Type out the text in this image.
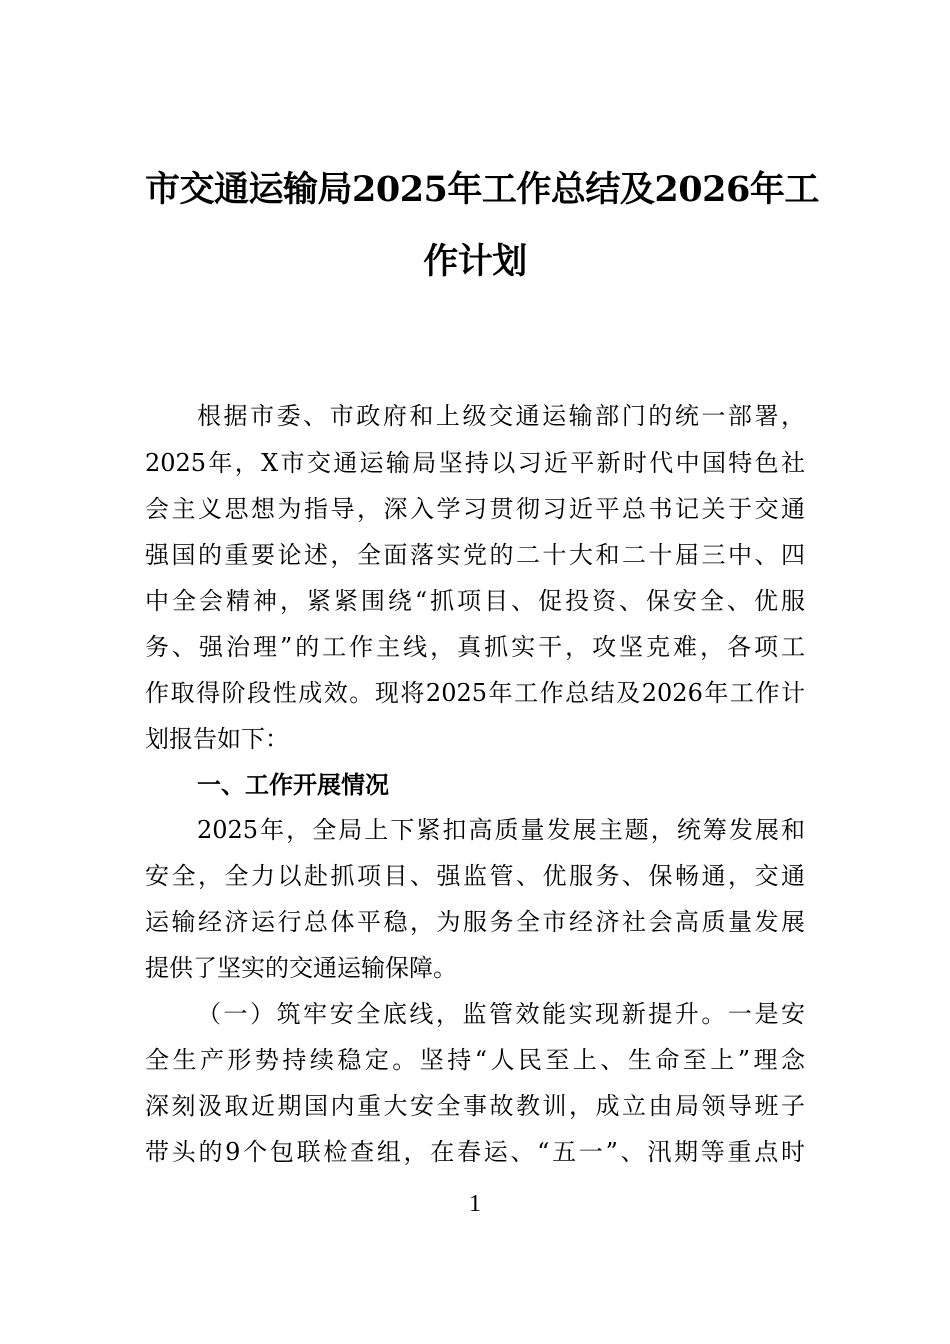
市交通运输局2025年工作总结及2026年工
作计划
根据市委、市政府和上级交通运输部门的统一部署，
2025年，X市交通运输局坚持以习近平新时代中国特色社
会主义思想为指导，深入学习贯彻习近平总书记关于交通
强国的重要论述，全面落实党的二十大和二十届三中、四
中全会精神，紧紧围绕“抓项目、促投资、保安全、优服
务、强治理”的工作主线，真抓实干，攻坚克难，各项工
作取得阶段性成效。现将2025年工作总结及2026年工作计
划报告如下：
一、工作开展情况
2025年，全局上下紧扣高质量发展主题，统筹发展和
安全，全力以赴抓项目、强监管、优服务、保畅通，交通
运输经济运行总体平稳，为服务全市经济社会高质量发展
提供了坚实的交通运输保障。
（一）筑牢安全底线，监管效能实现新提升。一是安
全生产形势持续稳定。坚持“人民至上、生命至上”理念
深刻汲取近期国内重大安全事故教训，成立由局领导班子
带头的9个包联检查组，在春运、“五一”、汛期等重点时
1
